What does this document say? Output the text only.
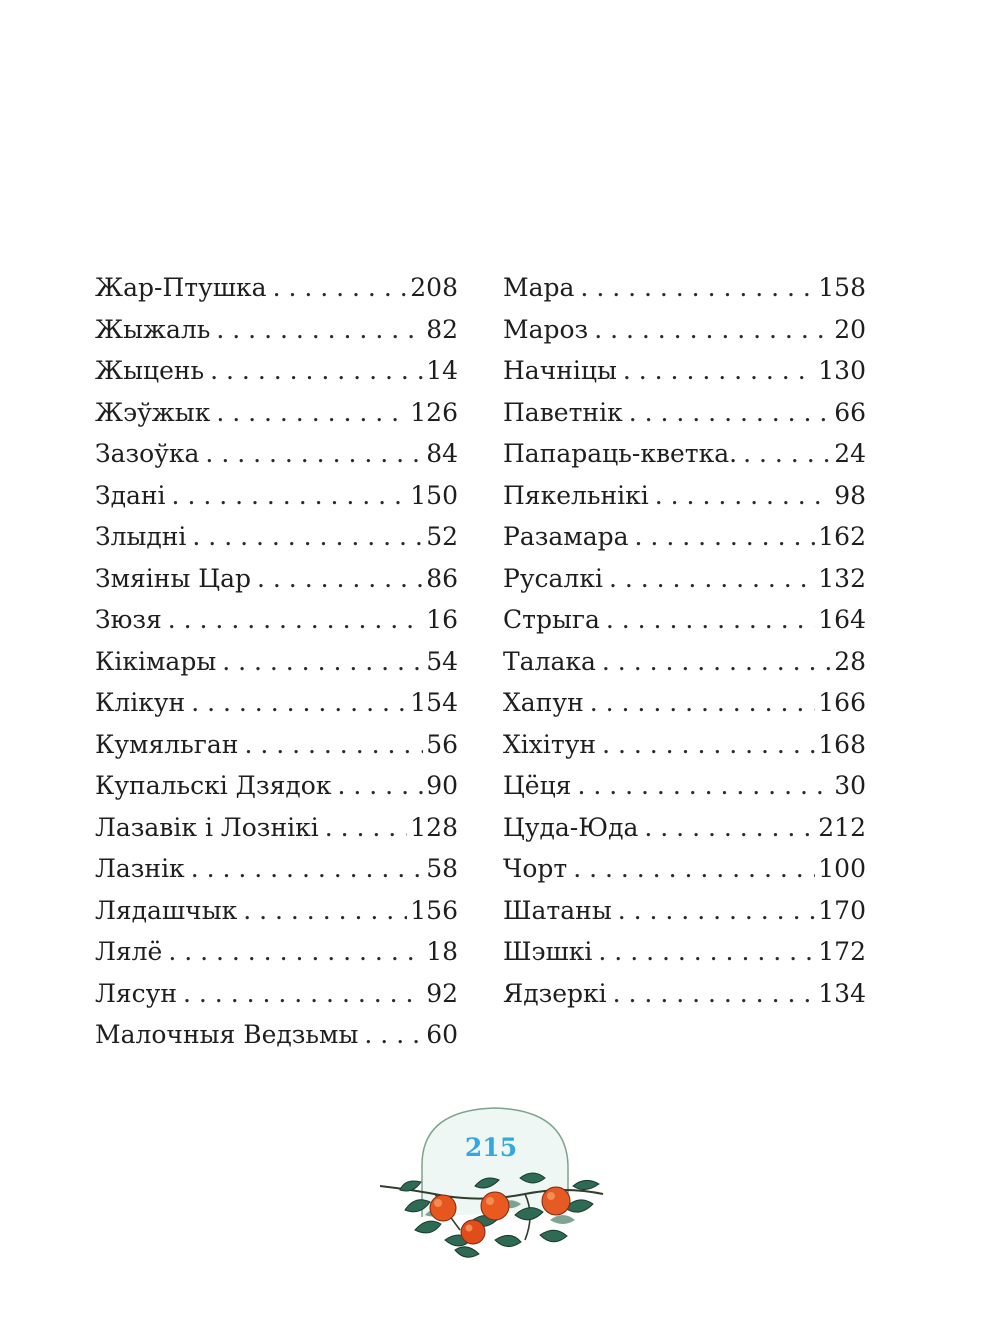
Жар-Птушка . . .	208
Жыжаль . . .	82
Жыцень . . .	14
Жэўжык . . .	126
Зазоўка . . .	84
Здані . . .	150
Злыдні . . .	52
Змяіны Цар . . .	86
Зюзя . . .	16
Кікімары . . .	54
Клікун . . .	154
Кумяльган . . .	56
Купальскі Дзядок . . .	90
Лазавік і Лознікі . . .	128
Лазнік . . .	58
Лядашчык . . .	156
Лялё . . .	18
Лясун . . .	92
Малочныя Ведзьмы . . .	60
Мара . . .	158
Мароз . . .	20
Начніцы . . .	130
Паветнік . . .	66
Папараць-кветка. . . .	24
Пякельнікі . . .	98
Разамара . . .	162
Русалкі . . .	132
Стрыга . . .	164
Талака . . .	28
Хапун . . .	166
Хіхітун . . .	168
Цёця . . .	30
Цуда-Юда . . .	212
Чорт . . .	100
Шатаны . . .	170
Шэшкі . . .	172
Ядзеркі . . .	134
215
